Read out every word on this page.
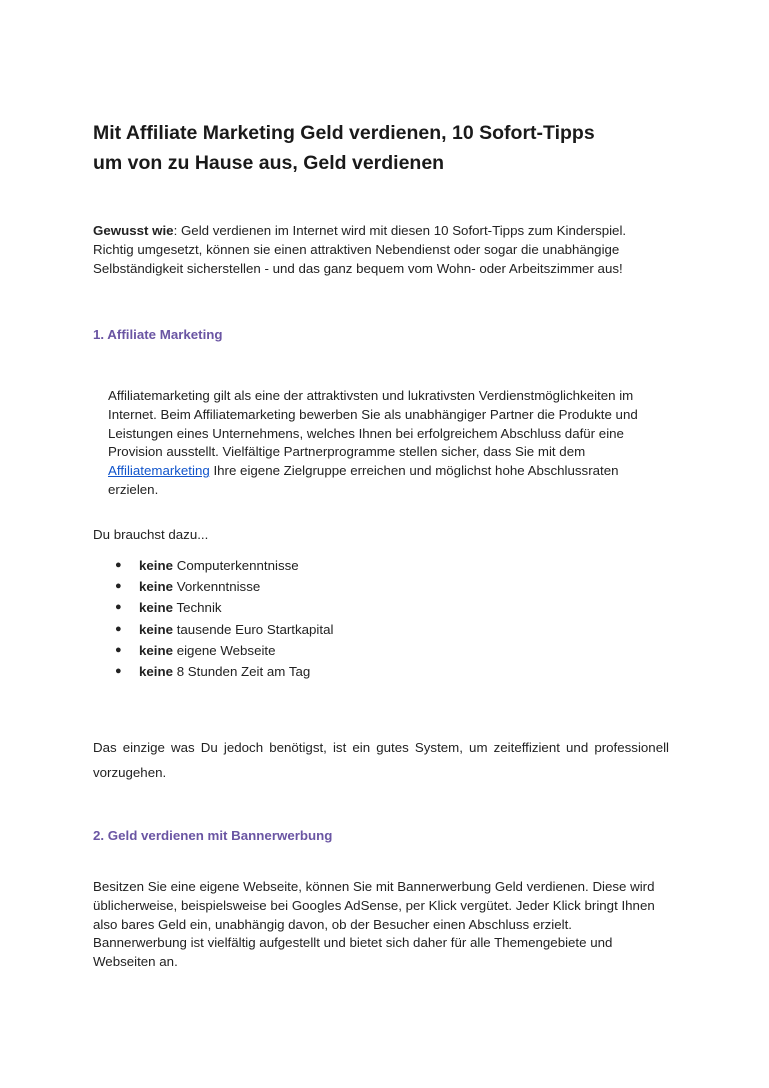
Mit Affiliate Marketing Geld verdienen, 10 Sofort-Tipps
um von zu Hause aus, Geld verdienen

Gewusst wie: Geld verdienen im Internet wird mit diesen 10 Sofort-Tipps zum Kinderspiel.
Richtig umgesetzt, können sie einen attraktiven Nebendienst oder sogar die unabhängige
Selbständigkeit sicherstellen - und das ganz bequem vom Wohn- oder Arbeitszimmer aus!

1. Affiliate Marketing

Affiliatemarketing gilt als eine der attraktivsten und lukrativsten Verdienstmöglichkeiten im
Internet. Beim Affiliatemarketing bewerben Sie als unabhängiger Partner die Produkte und
Leistungen eines Unternehmens, welches Ihnen bei erfolgreichem Abschluss dafür eine
Provision ausstellt. Vielfältige Partnerprogramme stellen sicher, dass Sie mit dem
Affiliatemarketing Ihre eigene Zielgruppe erreichen und möglichst hohe Abschlussraten
erzielen.

Du brauchst dazu...

● keine Computerkenntnisse
● keine Vorkenntnisse
● keine Technik
● keine tausende Euro Startkapital
● keine eigene Webseite
● keine 8 Stunden Zeit am Tag

Das einzige was Du jedoch benötigst, ist ein gutes System, um zeiteffizient und professionell vorzugehen.

2. Geld verdienen mit Bannerwerbung

Besitzen Sie eine eigene Webseite, können Sie mit Bannerwerbung Geld verdienen. Diese wird
üblicherweise, beispielsweise bei Googles AdSense, per Klick vergütet. Jeder Klick bringt Ihnen
also bares Geld ein, unabhängig davon, ob der Besucher einen Abschluss erzielt.
Bannerwerbung ist vielfältig aufgestellt und bietet sich daher für alle Themengebiete und
Webseiten an.
